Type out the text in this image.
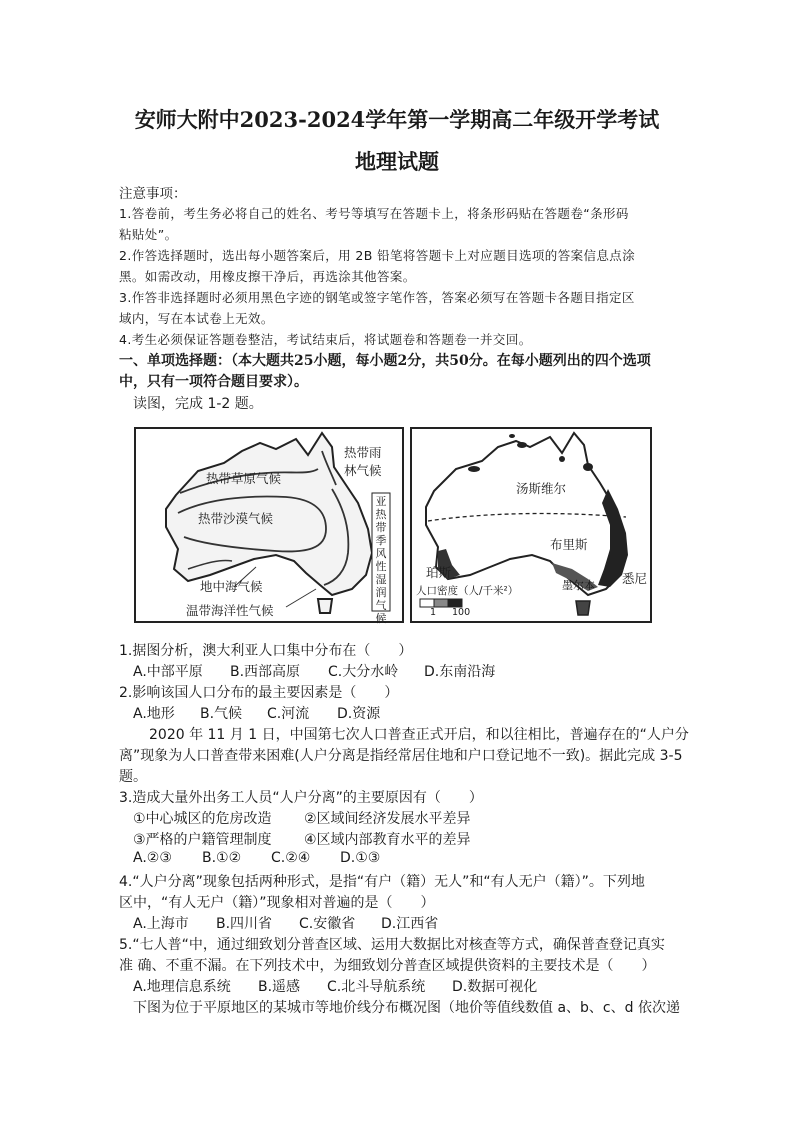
安师大附中2023-2024学年第一学期高二年级开学考试
地理试题
注意事项：
1.答卷前，考生务必将自己的姓名、考号等填写在答题卡上，将条形码贴在答题卷“条形码
粘贴处”。
2.作答选择题时，选出每小题答案后，用 2B 铅笔将答题卡上对应题目选项的答案信息点涂
黑。如需改动，用橡皮擦干净后，再选涂其他答案。
3.作答非选择题时必须用黑色字迹的钢笔或签字笔作答，答案必须写在答题卡各题目指定区
域内，写在本试卷上无效。
4.考生必须保证答题卷整洁，考试结束后，将试题卷和答题卷一并交回。
一、单项选择题：（本大题共25小题，每小题2分，共50分。在每小题列出的四个选项
中，只有一项符合题目要求）。
读图，完成 1-2 题。
热带雨
林气候
热带草原气候
热带沙漠气候
地中海气候
温带海洋性气候
亚
热
带
季
风
性
湿
润
气
候
汤斯维尔
布里斯
珀斯
墨尔本 悉尼
人口密度（人/千米²）
1 100
1.据图分析，澳大利亚人口集中分布在（　　）
A.中部平原 B.西部高原 C.大分水岭 D.东南沿海
2.影响该国人口分布的最主要因素是（　　）
A.地形 B.气候 C.河流 D.资源
2020 年 11 月 1 日，中国第七次人口普查正式开启，和以往相比，普遍存在的“人户分
离”现象为人口普查带来困难(人户分离是指经常居住地和户口登记地不一致)。据此完成 3-5
题。
3.造成大量外出务工人员“人户分离”的主要原因有（　　）
①中心城区的危房改造 ②区域间经济发展水平差异
③严格的户籍管理制度 ④区域内部教育水平的差异
A.②③ B.①② C.②④ D.①③
4.“人户分离”现象包括两种形式，是指“有户（籍）无人”和“有人无户（籍）”。下列地
区中，“有人无户（籍）”现象相对普遍的是（　　）
A.上海市 B.四川省 C.安徽省 D.江西省
5.“七人普“中，通过细致划分普查区域、运用大数据比对核查等方式，确保普查登记真实
准 确、不重不漏。在下列技术中，为细致划分普查区域提供资料的主要技术是（　　）
A.地理信息系统 B.遥感 C.北斗导航系统 D.数据可视化
下图为位于平原地区的某城市等地价线分布概况图（地价等值线数值 a、b、c、d 依次递
